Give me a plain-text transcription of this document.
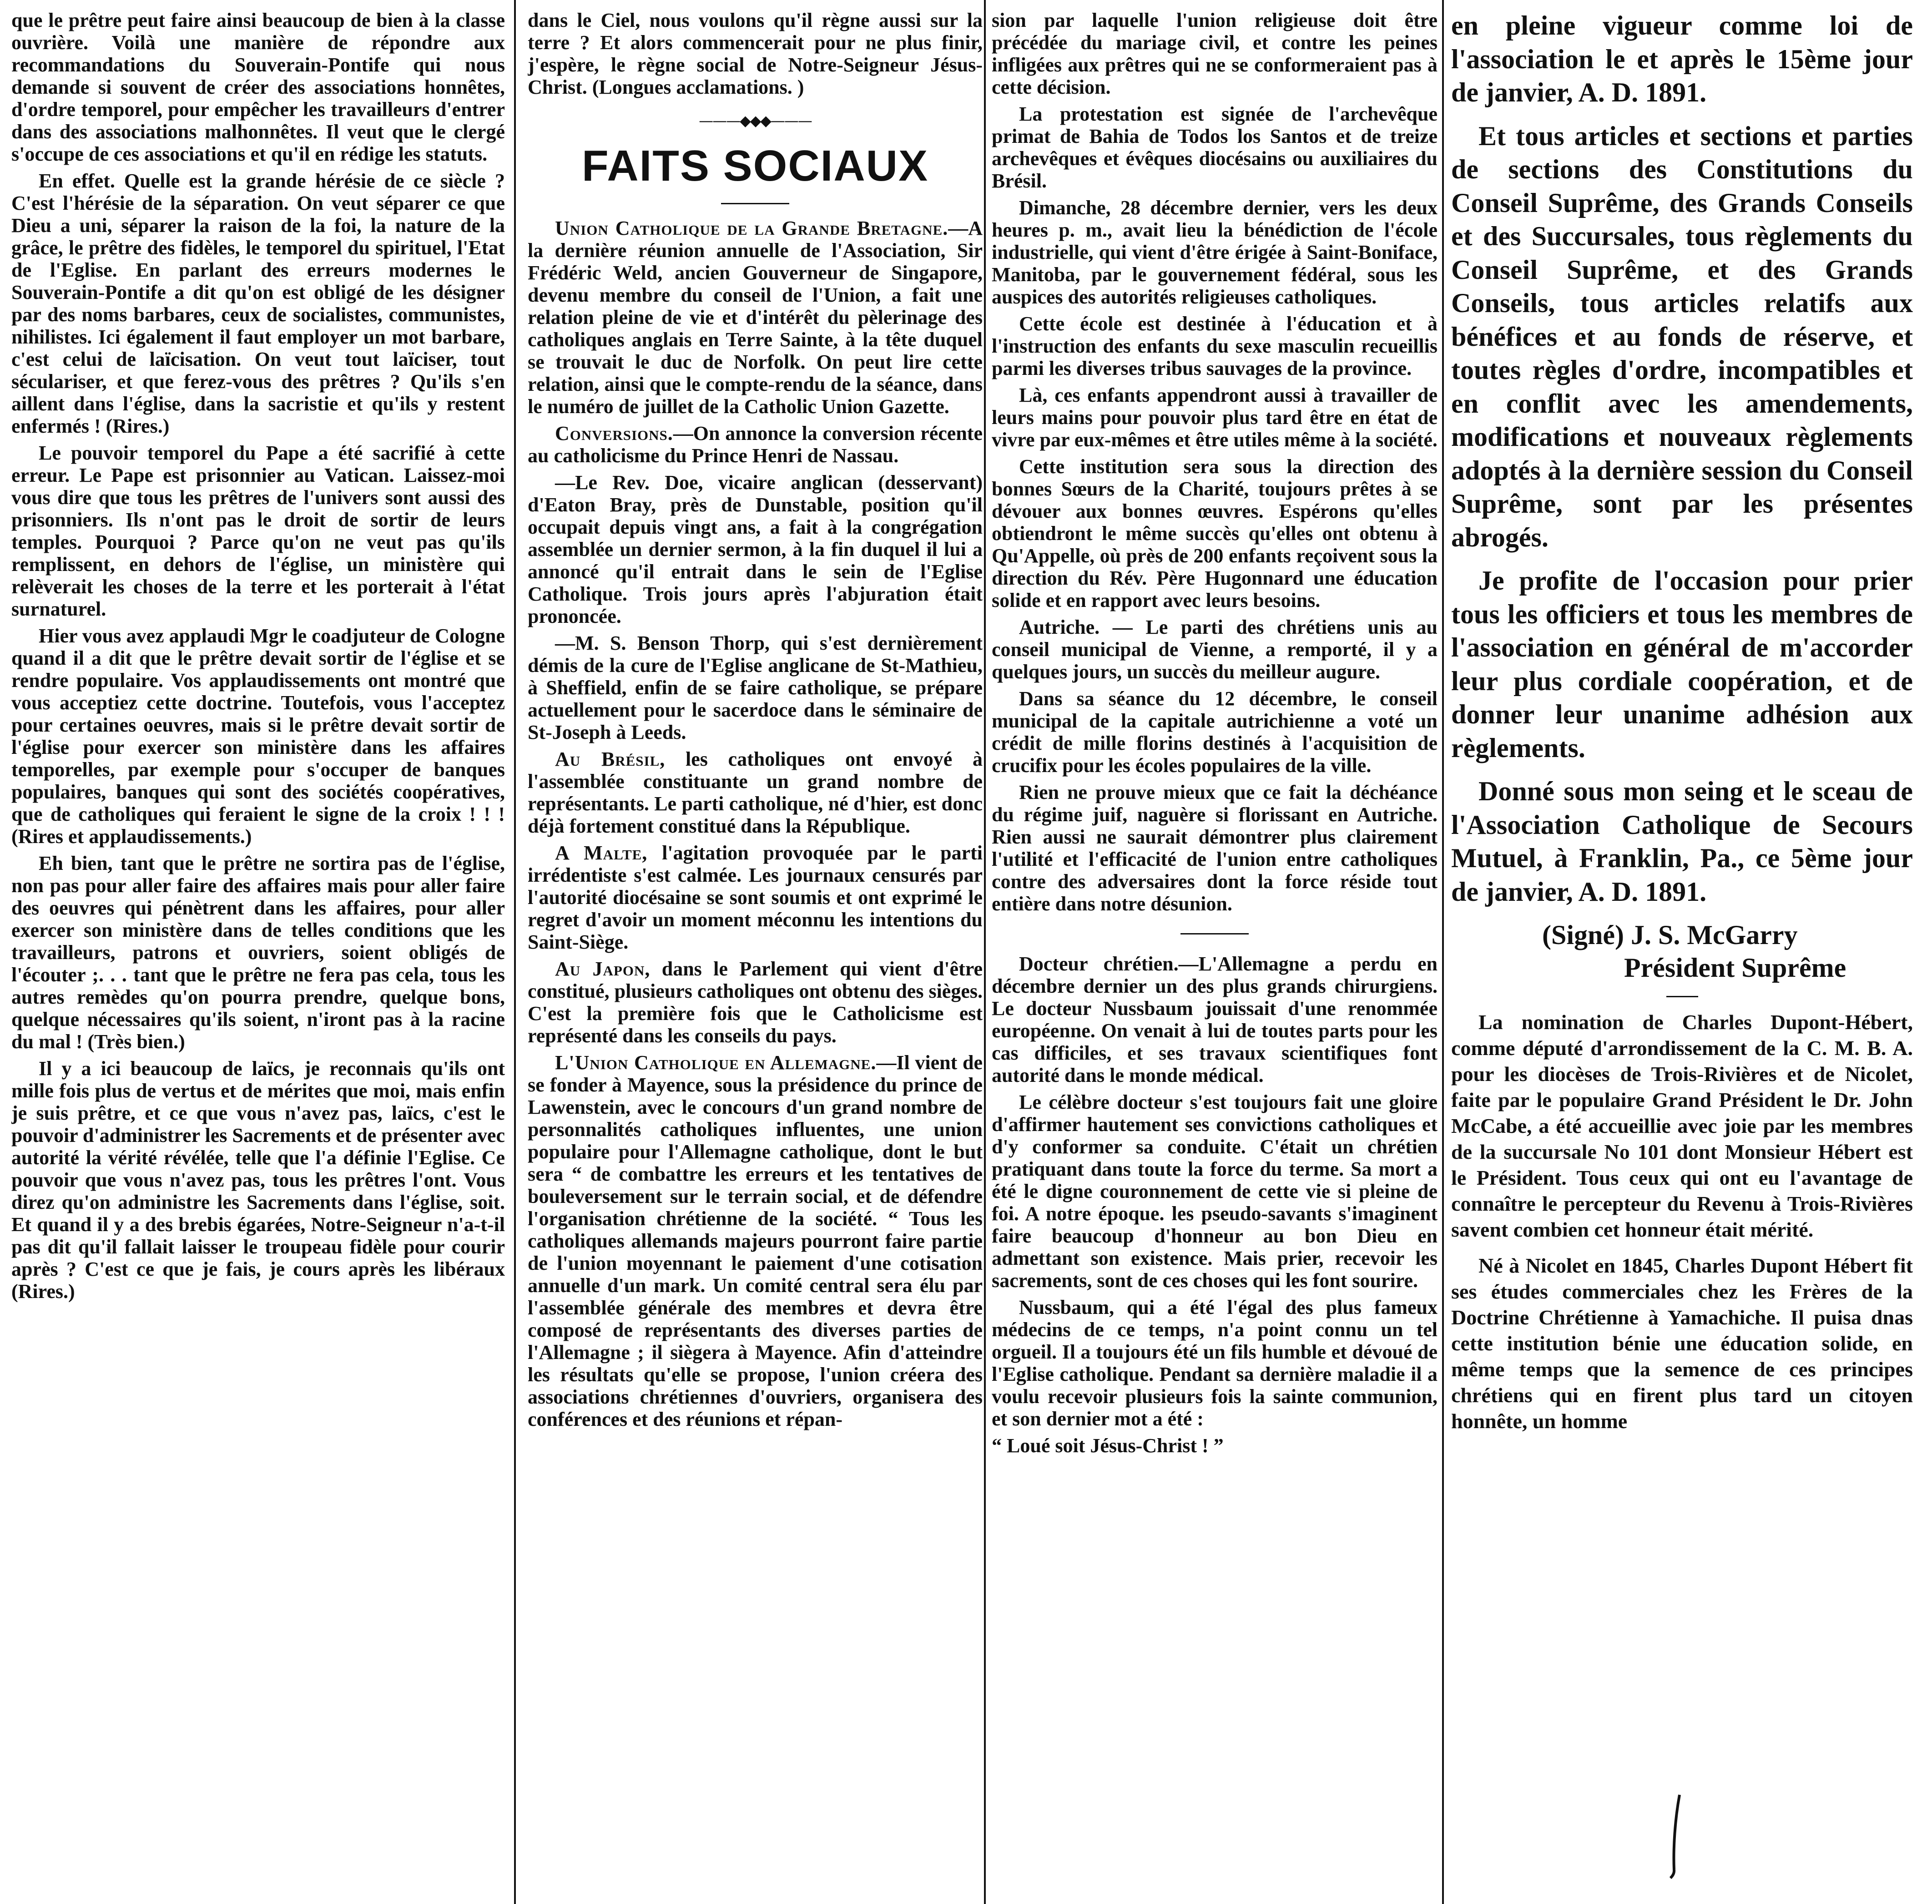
que le prêtre peut faire ainsi beaucoup de bien à la classe ouvrière. Voilà une manière de répondre aux recommandations du Souverain-Pontife qui nous demande si souvent de créer des associations honnêtes, d'ordre temporel, pour empêcher les travailleurs d'entrer dans des associations malhonnêtes. Il veut que le clergé s'occupe de ces associations et qu'il en rédige les statuts.

En effet. Quelle est la grande hérésie de ce siècle ? C'est l'hérésie de la séparation. On veut séparer ce que Dieu a uni, séparer la raison de la foi, la nature de la grâce, le prêtre des fidèles, le temporel du spirituel, l'Etat de l'Eglise. En parlant des erreurs modernes le Souverain-Pontife a dit qu'on est obligé de les désigner par des noms barbares, ceux de socialistes, communistes, nihilistes. Ici également il faut employer un mot barbare, c'est celui de laïcisation. On veut tout laïciser, tout séculariser, et que ferez-vous des prêtres ? Qu'ils s'en aillent dans l'église, dans la sacristie et qu'ils y restent enfermés ! (Rires.)

Le pouvoir temporel du Pape a été sacrifié à cette erreur. Le Pape est prisonnier au Vatican. Laissez-moi vous dire que tous les prêtres de l'univers sont aussi des prisonniers. Ils n'ont pas le droit de sortir de leurs temples. Pourquoi ? Parce qu'on ne veut pas qu'ils remplissent, en dehors de l'église, un ministère qui relèverait les choses de la terre et les porterait à l'état surnaturel.

Hier vous avez applaudi Mgr le coadjuteur de Cologne quand il a dit que le prêtre devait sortir de l'église et se rendre populaire. Vos applaudissements ont montré que vous acceptiez cette doctrine. Toutefois, vous l'acceptez pour certaines oeuvres, mais si le prêtre devait sortir de l'église pour exercer son ministère dans les affaires temporelles, par exemple pour s'occuper de banques populaires, banques qui sont des sociétés coopératives, que de catholiques qui feraient le signe de la croix ! ! ! (Rires et applaudissements.)

Eh bien, tant que le prêtre ne sortira pas de l'église, non pas pour aller faire des affaires mais pour aller faire des oeuvres qui pénètrent dans les affaires, pour aller exercer son ministère dans de telles conditions que les travailleurs, patrons et ouvriers, soient obligés de l'écouter ;. . . tant que le prêtre ne fera pas cela, tous les autres remèdes qu'on pourra prendre, quelque bons, quelque nécessaires qu'ils soient, n'iront pas à la racine du mal ! (Très bien.)

Il y a ici beaucoup de laïcs, je reconnais qu'ils ont mille fois plus de vertus et de mérites que moi, mais enfin je suis prêtre, et ce que vous n'avez pas, laïcs, c'est le pouvoir d'administrer les Sacrements et de présenter avec autorité la vérité révélée, telle que l'a définie l'Eglise. Ce pouvoir que vous n'avez pas, tous les prêtres l'ont. Vous direz qu'on administre les Sacrements dans l'église, soit. Et quand il y a des brebis égarées, Notre-Seigneur n'a-t-il pas dit qu'il fallait laisser le troupeau fidèle pour courir après ? C'est ce que je fais, je cours après les libéraux (Rires.)

dans le Ciel, nous voulons qu'il règne aussi sur la terre ? Et alors commencerait pour ne plus finir, j'espère, le règne social de Notre-Seigneur Jésus-Christ. (Longues acclamations. )

———◆◆◆———
FAITS SOCIAUX

Union Catholique de la Grande Bretagne.—A la dernière réunion annuelle de l'Association, Sir Frédéric Weld, ancien Gouverneur de Singapore, devenu membre du conseil de l'Union, a fait une relation pleine de vie et d'intérêt du pèlerinage des catholiques anglais en Terre Sainte, à la tête duquel se trouvait le duc de Norfolk. On peut lire cette relation, ainsi que le compte-rendu de la séance, dans le numéro de juillet de la Catholic Union Gazette.

Conversions.—On annonce la conversion récente au catholicisme du Prince Henri de Nassau.

—Le Rev. Doe, vicaire anglican (desservant) d'Eaton Bray, près de Dunstable, position qu'il occupait depuis vingt ans, a fait à la congrégation assemblée un dernier sermon, à la fin duquel il lui a annoncé qu'il entrait dans le sein de l'Eglise Catholique. Trois jours après l'abjuration était prononcée.

—M. S. Benson Thorp, qui s'est dernièrement démis de la cure de l'Eglise anglicane de St-Mathieu, à Sheffield, enfin de se faire catholique, se prépare actuellement pour le sacerdoce dans le séminaire de St-Joseph à Leeds.

Au Brésil, les catholiques ont envoyé à l'assemblée constituante un grand nombre de représentants. Le parti catholique, né d'hier, est donc déjà fortement constitué dans la République.

A Malte, l'agitation provoquée par le parti irrédentiste s'est calmée. Les journaux censurés par l'autorité diocésaine se sont soumis et ont exprimé le regret d'avoir un moment méconnu les intentions du Saint-Siège.

Au Japon, dans le Parlement qui vient d'être constitué, plusieurs catholiques ont obtenu des sièges. C'est la première fois que le Catholicisme est représenté dans les conseils du pays.

L'Union Catholique en Allemagne.—Il vient de se fonder à Mayence, sous la présidence du prince de Lawenstein, avec le concours d'un grand nombre de personnalités catholiques influentes, une union populaire pour l'Allemagne catholique, dont le but sera “ de combattre les erreurs et les tentatives de bouleversement sur le terrain social, et de défendre l'organisation chrétienne de la société. “ Tous les catholiques allemands majeurs pourront faire partie de l'union moyennant le paiement d'une cotisation annuelle d'un mark. Un comité central sera élu par l'assemblée générale des membres et devra être composé de représentants des diverses parties de l'Allemagne ; il siègera à Mayence. Afin d'atteindre les résultats qu'elle se propose, l'union créera des associations chrétiennes d'ouvriers, organisera des conférences et des réunions et répan-

sion par laquelle l'union religieuse doit être précédée du mariage civil, et contre les peines infligées aux prêtres qui ne se conformeraient pas à cette décision.

La protestation est signée de l'archevêque primat de Bahia de Todos los Santos et de treize archevêques et évêques diocésains ou auxiliaires du Brésil.

Dimanche, 28 décembre dernier, vers les deux heures p. m., avait lieu la bénédiction de l'école industrielle, qui vient d'être érigée à Saint-Boniface, Manitoba, par le gouvernement fédéral, sous les auspices des autorités religieuses catholiques.

Cette école est destinée à l'éducation et à l'instruction des enfants du sexe masculin recueillis parmi les diverses tribus sauvages de la province.

Là, ces enfants appendront aussi à travailler de leurs mains pour pouvoir plus tard être en état de vivre par eux-mêmes et être utiles même à la société.

Cette institution sera sous la direction des bonnes Sœurs de la Charité, toujours prêtes à se dévouer aux bonnes œuvres. Espérons qu'elles obtiendront le même succès qu'elles ont obtenu à Qu'Appelle, où près de 200 enfants reçoivent sous la direction du Rév. Père Hugonnard une éducation solide et en rapport avec leurs besoins.

Autriche. — Le parti des chrétiens unis au conseil municipal de Vienne, a remporté, il y a quelques jours, un succès du meilleur augure.

Dans sa séance du 12 décembre, le conseil municipal de la capitale autrichienne a voté un crédit de mille florins destinés à l'acquisition de crucifix pour les écoles populaires de la ville.

Rien ne prouve mieux que ce fait la déchéance du régime juif, naguère si florissant en Autriche. Rien aussi ne saurait démontrer plus clairement l'utilité et l'efficacité de l'union entre catholiques contre des adversaires dont la force réside tout entière dans notre désunion.

Docteur chrétien.—L'Allemagne a perdu en décembre dernier un des plus grands chirurgiens. Le docteur Nussbaum jouissait d'une renommée européenne. On venait à lui de toutes parts pour les cas difficiles, et ses travaux scientifiques font autorité dans le monde médical.

Le célèbre docteur s'est toujours fait une gloire d'affirmer hautement ses convictions catholiques et d'y conformer sa conduite. C'était un chrétien pratiquant dans toute la force du terme. Sa mort a été le digne couronnement de cette vie si pleine de foi. A notre époque. les pseudo-savants s'imaginent faire beaucoup d'honneur au bon Dieu en admettant son existence. Mais prier, recevoir les sacrements, sont de ces choses qui les font sourire.

Nussbaum, qui a été l'égal des plus fameux médecins de ce temps, n'a point connu un tel orgueil. Il a toujours été un fils humble et dévoué de l'Eglise catholique. Pendant sa dernière maladie il a voulu recevoir plusieurs fois la sainte communion, et son dernier mot a été :

“ Loué soit Jésus-Christ ! ”

en pleine vigueur comme loi de l'association le et après le 15ème jour de janvier, A. D. 1891.

Et tous articles et sections et parties de sections des Constitutions du Conseil Suprême, des Grands Conseils et des Succursales, tous règlements du Conseil Suprême, et des Grands Conseils, tous articles relatifs aux bénéfices et au fonds de réserve, et toutes règles d'ordre, incompatibles et en conflit avec les amendements, modifications et nouveaux règlements adoptés à la dernière session du Conseil Suprême, sont par les présentes abrogés.

Je profite de l'occasion pour prier tous les officiers et tous les membres de l'association en général de m'accorder leur plus cordiale coopération, et de donner leur unanime adhésion aux règlements.

Donné sous mon seing et le sceau de l'Association Catholique de Secours Mutuel, à Franklin, Pa., ce 5ème jour de janvier, A. D. 1891.

(Signé) J. S. McGarry
Président Suprême

La nomination de Charles Dupont-Hébert, comme député d'arrondissement de la C. M. B. A. pour les diocèses de Trois-Rivières et de Nicolet, faite par le populaire Grand Président le Dr. John McCabe, a été accueillie avec joie par les membres de la succursale No 101 dont Monsieur Hébert est le Président. Tous ceux qui ont eu l'avantage de connaître le percepteur du Revenu à Trois-Rivières savent combien cet honneur était mérité.

Né à Nicolet en 1845, Charles Dupont Hébert fit ses études commerciales chez les Frères de la Doctrine Chrétienne à Yamachiche. Il puisa dnas cette institution bénie une éducation solide, en même temps que la semence de ces principes chrétiens qui en firent plus tard un citoyen honnête, un homme
